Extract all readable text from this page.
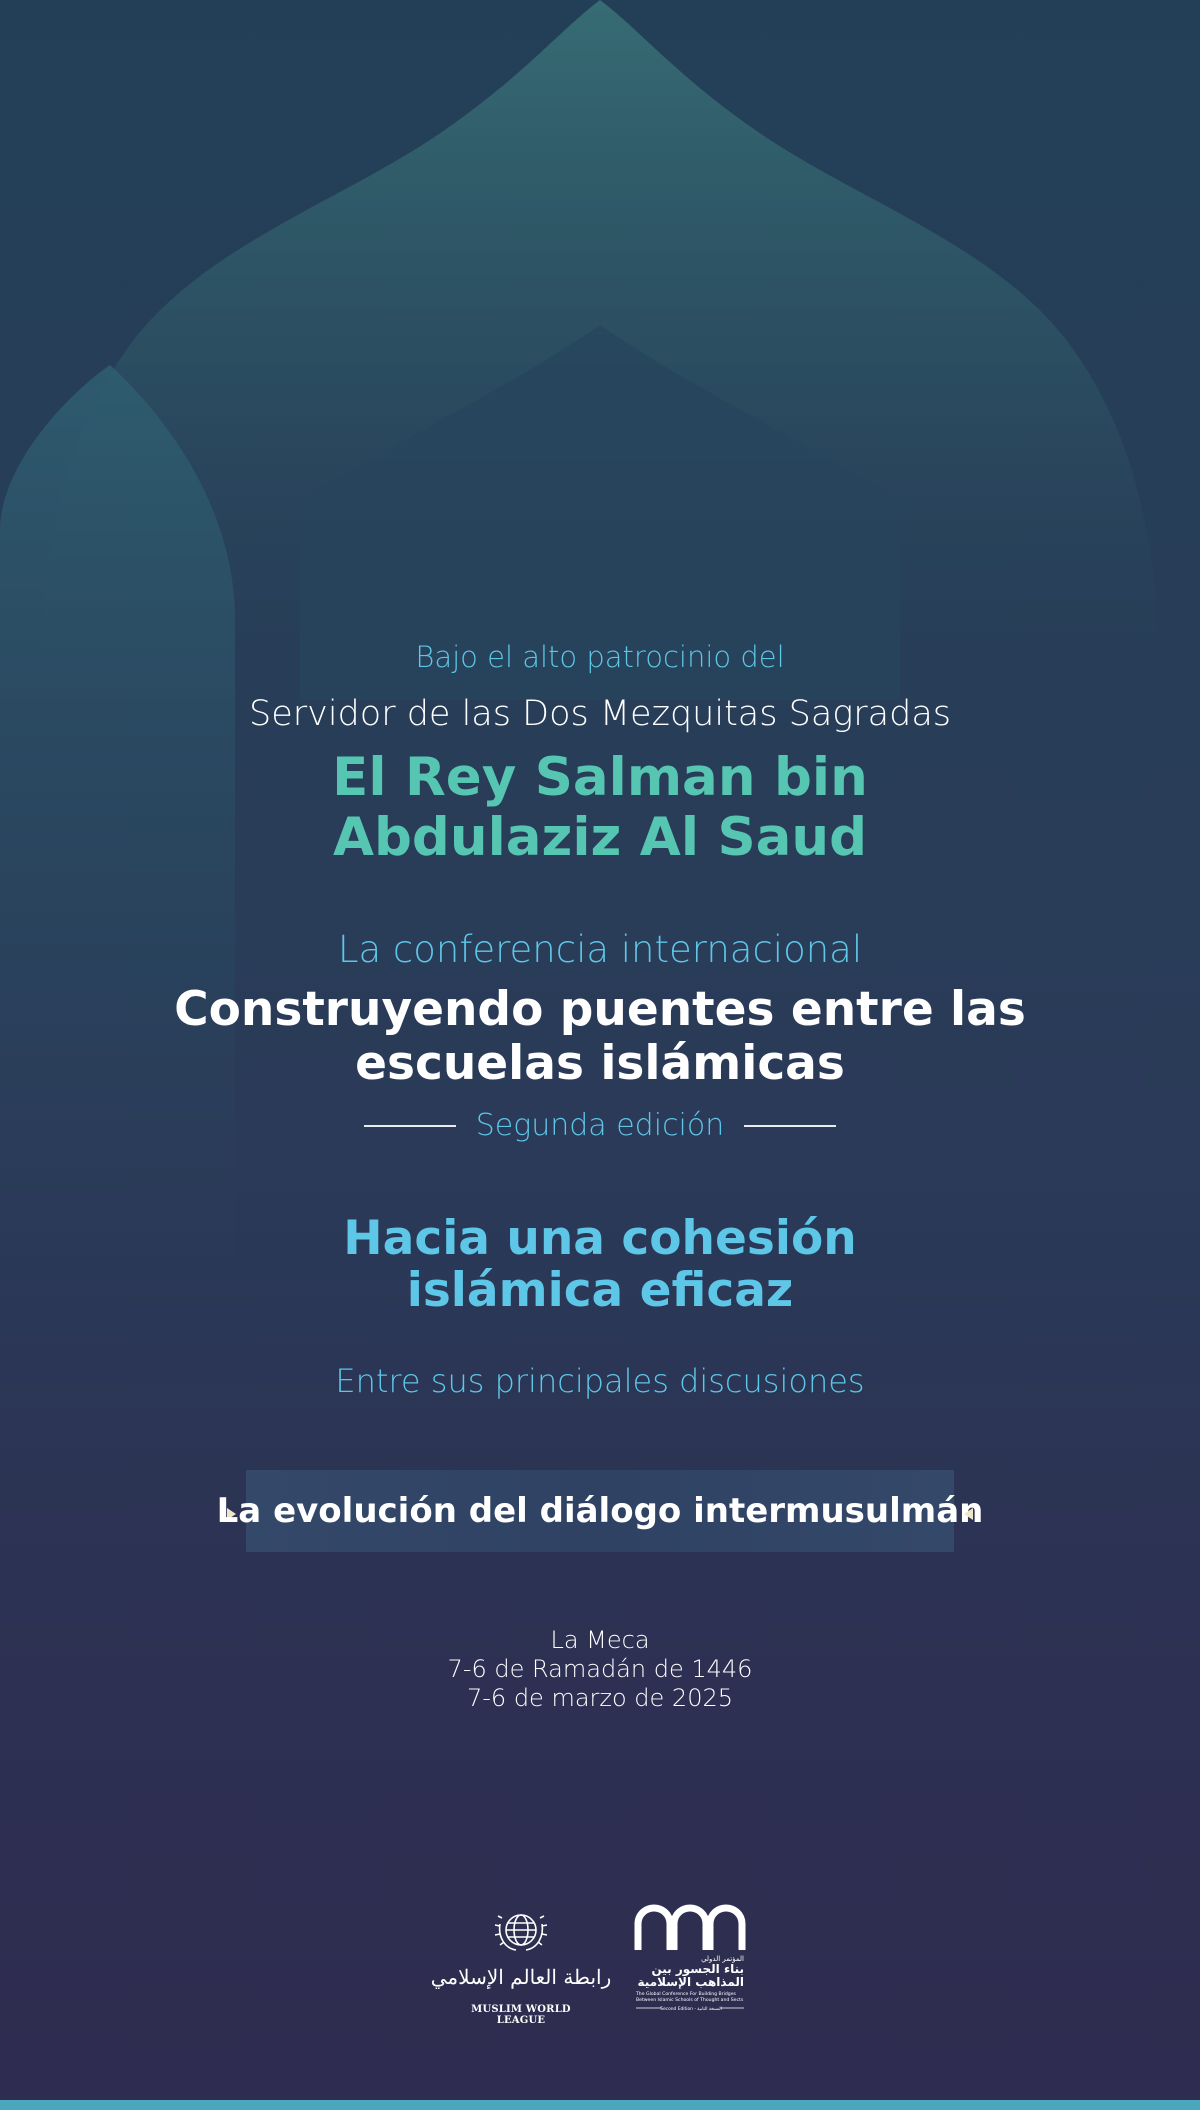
Bajo el alto patrocinio del
Servidor de las Dos Mezquitas Sagradas
El Rey Salman bin
Abdulaziz Al Saud
La conferencia internacional
Construyendo puentes entre las
escuelas islámicas
Segunda edición
Hacia una cohesión
islámica eficaz
Entre sus principales discusiones
La evolución del diálogo intermusulmán
La Meca
7-6 de Ramadán de 1446
7-6 de marzo de 2025
رابطة العالم الإسلامي
MUSLIM WORLD LEAGUE
المؤتمر الدولي
بناء الجسور بين
المذاهب الإسلامية
The Global Conference For Building Bridges
Between Islamic Schools of Thought and Sects
Second Edition - النسخة الثانية
